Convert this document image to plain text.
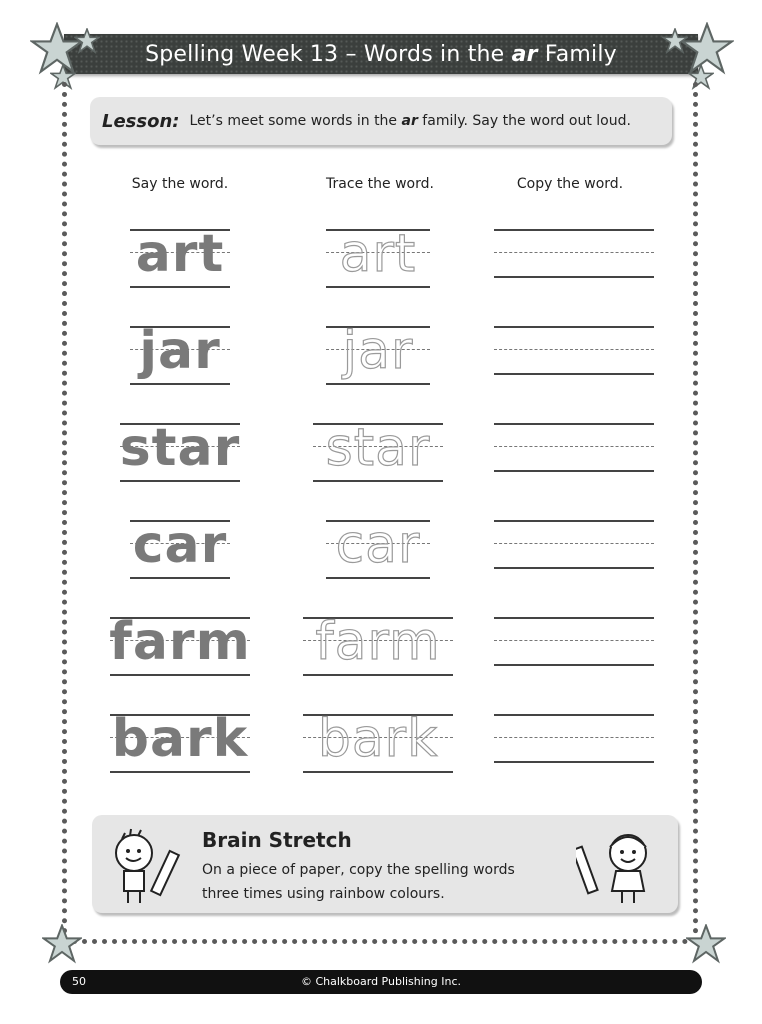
Spelling Week 13 – Words in the ar Family
Lesson: Let’s meet some words in the ar family. Say the word out loud.
Say the word.	Trace the word.	Copy the word.
art	art
jar	jar
star	star
car	car
farm	farm
bark	bark
Brain Stretch
On a piece of paper, copy the spelling words
three times using rainbow colours.
50	© Chalkboard Publishing Inc.
